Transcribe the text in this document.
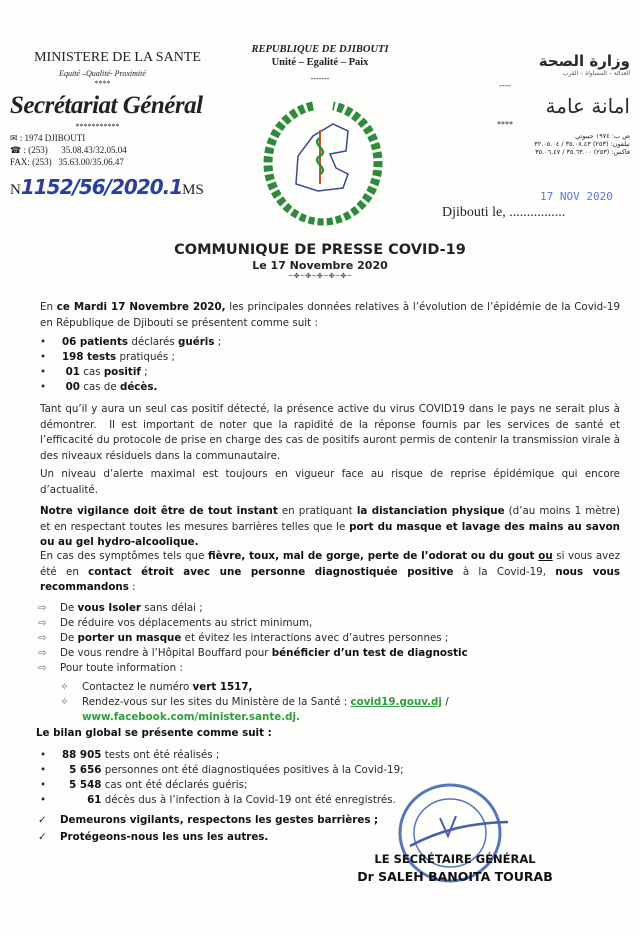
MINISTERE DE LA SANTE
Equité –Qualité- Proximité
****
Secrétariat Général
***********
✉ : 1974 DJIBOUTI
☎ : (253)      35.08.43/32.05.04
FAX: (253)   35.63.00/35.06.47
N1152/56/2020.1MS
REPUBLIQUE DE DJIBOUTI
Unité – Egalité – Paix
-------
وزارة الصحة
العدالة – المساواة – القرب
----
امانة عامة
****
ص ب: ١٩٧٤ جيبوتي
تيلفون: (٢٥٣) ٣٥.٠٨.٤٣ / ٣٢.٠٥.٠٤
فاكس: (٢٥٣) ٣٥.٦٣.٠٠ / ٣٥.٠٦.٤٧
17 NOV 2020
Djibouti le, ................
COMMUNIQUE DE PRESSE COVID-19
Le 17 Novembre 2020
~✤~✤~✤~✤~✤~
En ce Mardi 17 Novembre 2020, les principales données relatives à l’évolution de l’épidémie de la Covid-19 en République de Djibouti se présentent comme suit :
• 06 patients déclarés guéris ;
• 198 tests pratiqués ;
• 01 cas positif ;
• 00 cas de décès.
Tant qu’il y aura un seul cas positif détecté, la présence active du virus COVID19 dans le pays ne serait plus à démontrer.  Il est important de noter que la rapidité de la réponse fournis par les services de santé et l’efficacité du protocole de prise en charge des cas de positifs auront permis de contenir la transmission virale à des niveaux résiduels dans la communautaire.
Un niveau d’alerte maximal est toujours en vigueur face au risque de reprise épidémique qui encore d’actualité.
Notre vigilance doit être de tout instant en pratiquant la distanciation physique (d’au moins 1 mètre) et en respectant toutes les mesures barrières telles que le port du masque et lavage des mains au savon ou au gel hydro-alcoolique.
En cas des symptômes tels que fièvre, toux, mal de gorge, perte de l’odorat ou du gout ou si vous avez été en contact étroit avec une personne diagnostiquée positive à la Covid-19, nous vous recommandons :
⇨ De vous Isoler sans délai ;
⇨ De réduire vos déplacements au strict minimum,
⇨ De porter un masque et évitez les interactions avec d’autres personnes ;
⇨ De vous rendre à l’Hôpital Bouffard pour bénéficier d’un test de diagnostic
⇨ Pour toute information :
✧ Contactez le numéro vert 1517,
✧ Rendez-vous sur les sites du Ministère de la Santé : covid19.gouv.dj /
www.facebook.com/minister.sante.dj.
Le bilan global se présente comme suit :
• 88 905 tests ont été réalisés ;
•  5 656 personnes ont été diagnostiquées positives à la Covid-19;
•  5 548 cas ont été déclarés guéris;
•       61 décès dus à l’infection à la Covid-19 ont été enregistrés.
✓ Demeurons vigilants, respectons les gestes barrières ;
✓ Protégeons-nous les uns les autres.
LE SECRÉTAIRE GÉNÉRAL
Dr SALEH BANOITA TOURAB
